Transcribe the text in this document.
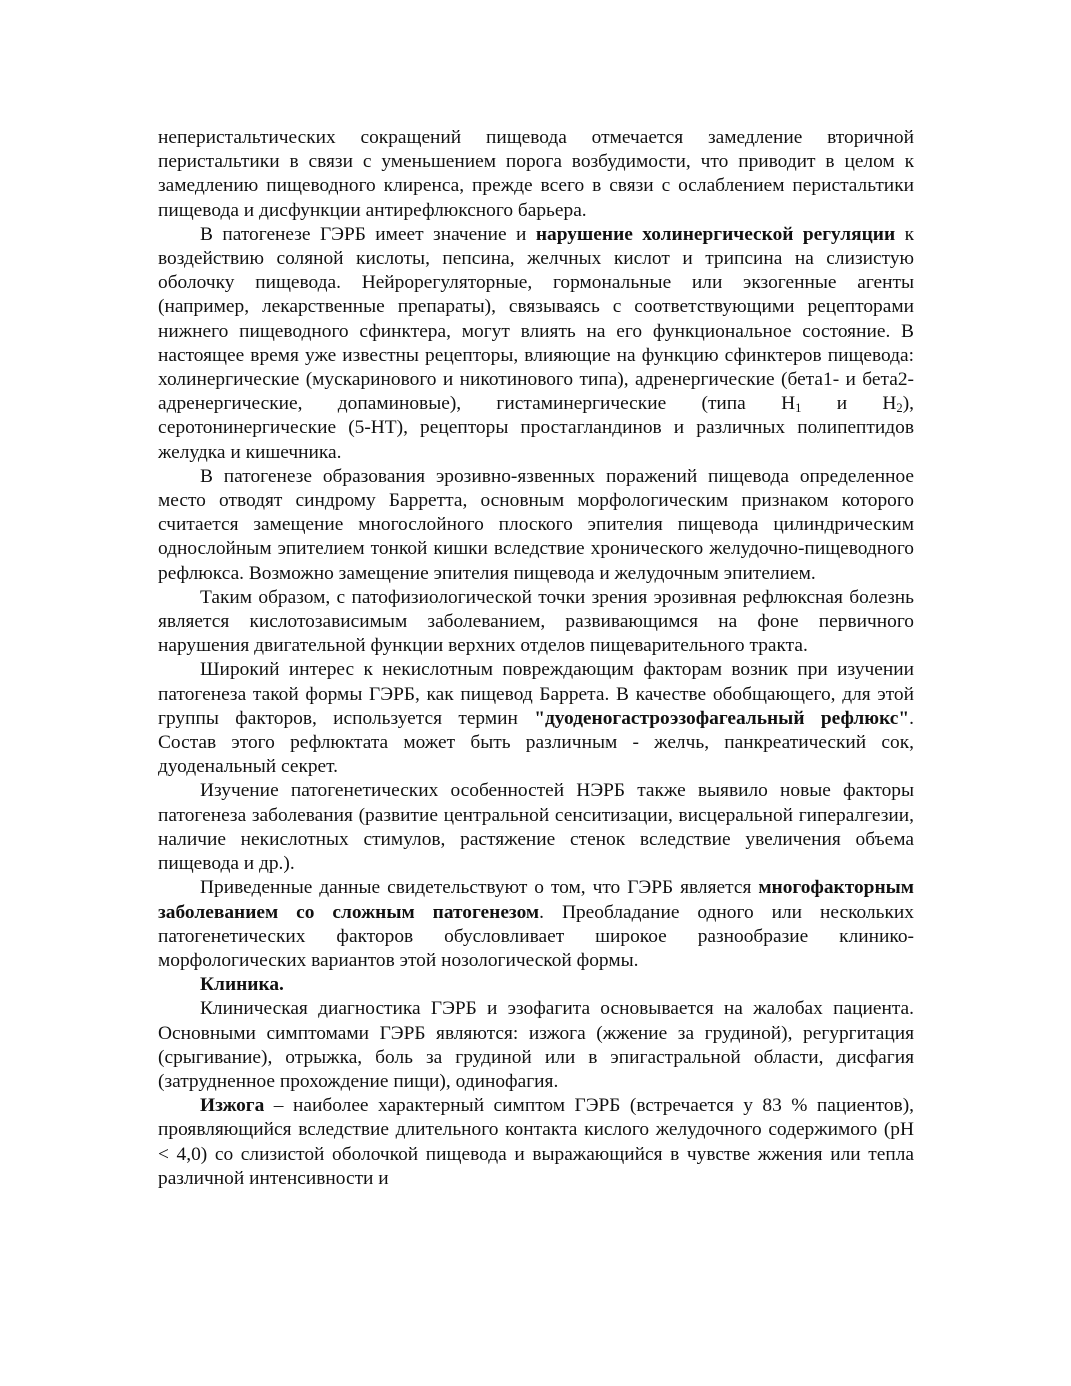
неперистальтических сокращений пищевода отмечается замедление вторичной перистальтики в связи с уменьшением порога возбудимости, что приводит в целом к замедлению пищеводного клиренса, прежде всего в связи с ослаблением перистальтики пищевода и дисфункции антирефлюксного барьера.

В патогенезе ГЭРБ имеет значение и нарушение холинергической регуляции к воздействию соляной кислоты, пепсина, желчных кислот и трипсина на слизистую оболочку пищевода. Нейрорегуляторные, гормональные или экзогенные агенты (например, лекарственные препараты), связываясь с соответствующими рецепторами нижнего пищеводного сфинктера, могут влиять на его функциональное состояние. В настоящее время уже известны рецепторы, влияющие на функцию сфинктеров пищевода: холинергические (мускаринового и никотинового типа), адренергические (бета1- и бета2-адренергические, допаминовые), гистаминергические (типа $H_1$ и $H_2$), серотонинергические (5-HT), рецепторы простагландинов и различных полипептидов желудка и кишечника.

В патогенезе образования эрозивно-язвенных поражений пищевода определенное место отводят синдрому Барретта, основным морфологическим признаком которого считается замещение многослойного плоского эпителия пищевода цилиндрическим однослойным эпителием тонкой кишки вследствие хронического желудочно-пищеводного рефлюкса. Возможно замещение эпителия пищевода и желудочным эпителием.

Таким образом, с патофизиологической точки зрения эрозивная рефлюксная болезнь является кислотозависимым заболеванием, развивающимся на фоне первичного нарушения двигательной функции верхних отделов пищеварительного тракта.

Широкий интерес к некислотным повреждающим факторам возник при изучении патогенеза такой формы ГЭРБ, как пищевод Баррета. В качестве обобщающего, для этой группы факторов, используется термин "дуоденогастроэзофагеальный рефлюкс". Состав этого рефлюктата может быть различным - желчь, панкреатический сок, дуоденальный секрет.

Изучение патогенетических особенностей НЭРБ также выявило новые факторы патогенеза заболевания (развитие центральной сенситизации, висцеральной гипералгезии, наличие некислотных стимулов, растяжение стенок вследствие увеличения объема пищевода и др.).

Приведенные данные свидетельствуют о том, что ГЭРБ является многофакторным заболеванием со сложным патогенезом. Преобладание одного или нескольких патогенетических факторов обусловливает широкое разнообразие клинико-морфологических вариантов этой нозологической формы.

Клиника.

Клиническая диагностика ГЭРБ и эзофагита основывается на жалобах пациента. Основными симптомами ГЭРБ являются: изжога (жжение за грудиной), регургитация (срыгивание), отрыжка, боль за грудиной или в эпигастральной области, дисфагия (затрудненное прохождение пищи), одинофагия.

Изжога – наиболее характерный симптом ГЭРБ (встречается у 83 % пациентов), проявляющийся вследствие длительного контакта кислого желудочного содержимого (pH < 4,0) со слизистой оболочкой пищевода и выражающийся в чувстве жжения или тепла различной интенсивности и
